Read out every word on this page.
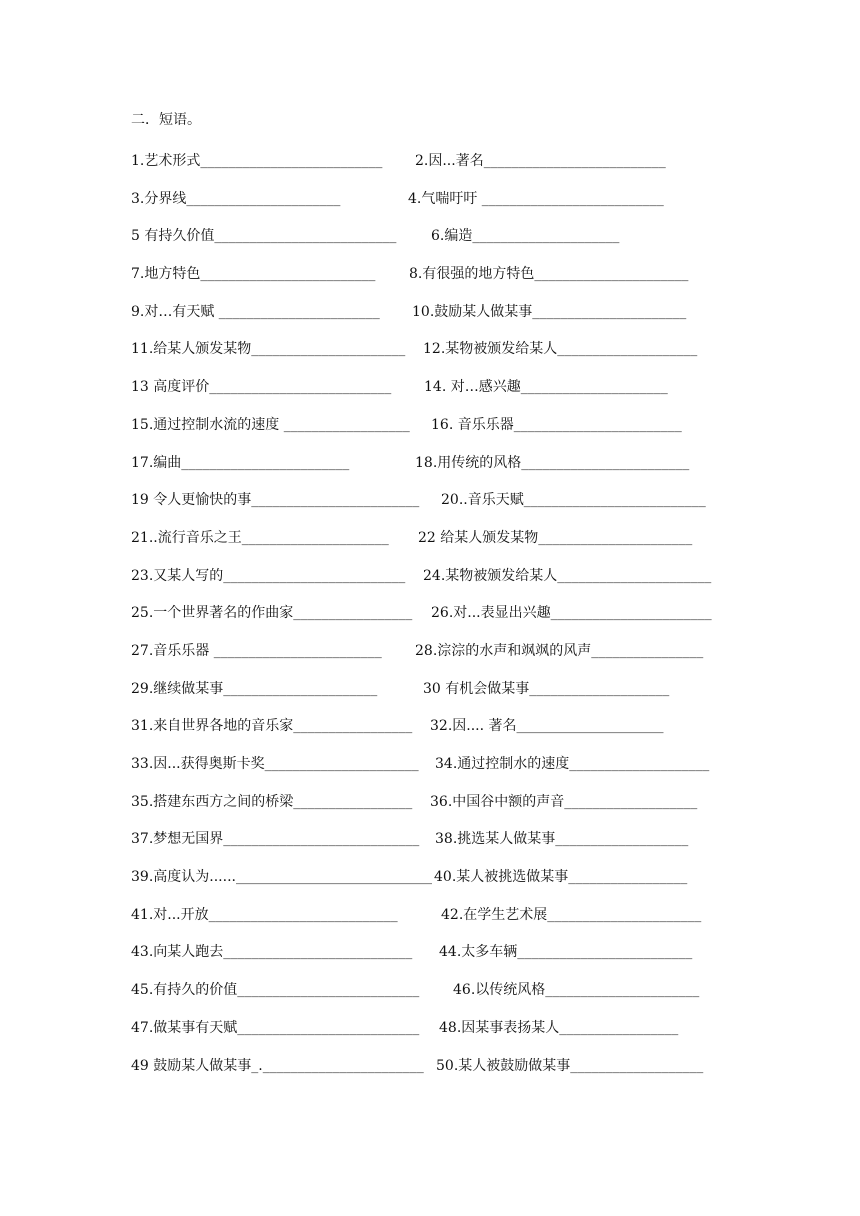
二．短语。
1.艺术形式__________________________ 2.因...著名__________________________
3.分界线______________________	4.气喘吁吁 __________________________
5 有持久价值__________________________ 6.编造_____________________
7.地方特色_________________________ 8.有很强的地方特色______________________
9.对…有天赋 _______________________ 10.鼓励某人做某事______________________
11.给某人颁发某物______________________ 12.某物被颁发给某人____________________
13 高度评价__________________________ 14. 对…感兴趣_____________________
15.通过控制水流的速度 __________________ 16. 音乐乐器________________________
17.编曲________________________	18.用传统的风格________________________
19 令人更愉快的事________________________ 20..音乐天赋__________________________
21..流行音乐之王_____________________ 22 给某人颁发某物______________________
23.又某人写的__________________________ 24.某物被颁发给某人______________________
25.一个世界著名的作曲家_________________ 26.对...表显出兴趣_______________________
27.音乐乐器 ________________________ 28.淙淙的水声和飒飒的风声________________
29.继续做某事______________________	30 有机会做某事____________________
31.来自世界各地的音乐家_________________ 32.因.... 著名_____________________
33.因...获得奥斯卡奖______________________ 34.通过控制水的速度____________________
35.搭建东西方之间的桥梁_________________ 36.中国谷中额的声音___________________
37.梦想无国界____________________________ 38.挑选某人做某事___________________
39.高度认为......____________________________ 40.某人被挑选做某事_________________
41.对...开放___________________________	42.在学生艺术展______________________
43.向某人跑去___________________________ 44.太多车辆_________________________
45.有持久的价值__________________________ 46.以传统风格______________________
47.做某事有天赋__________________________ 48.因某事表扬某人_________________
49 鼓励某人做某事_._______________________ 50.某人被鼓励做某事___________________
